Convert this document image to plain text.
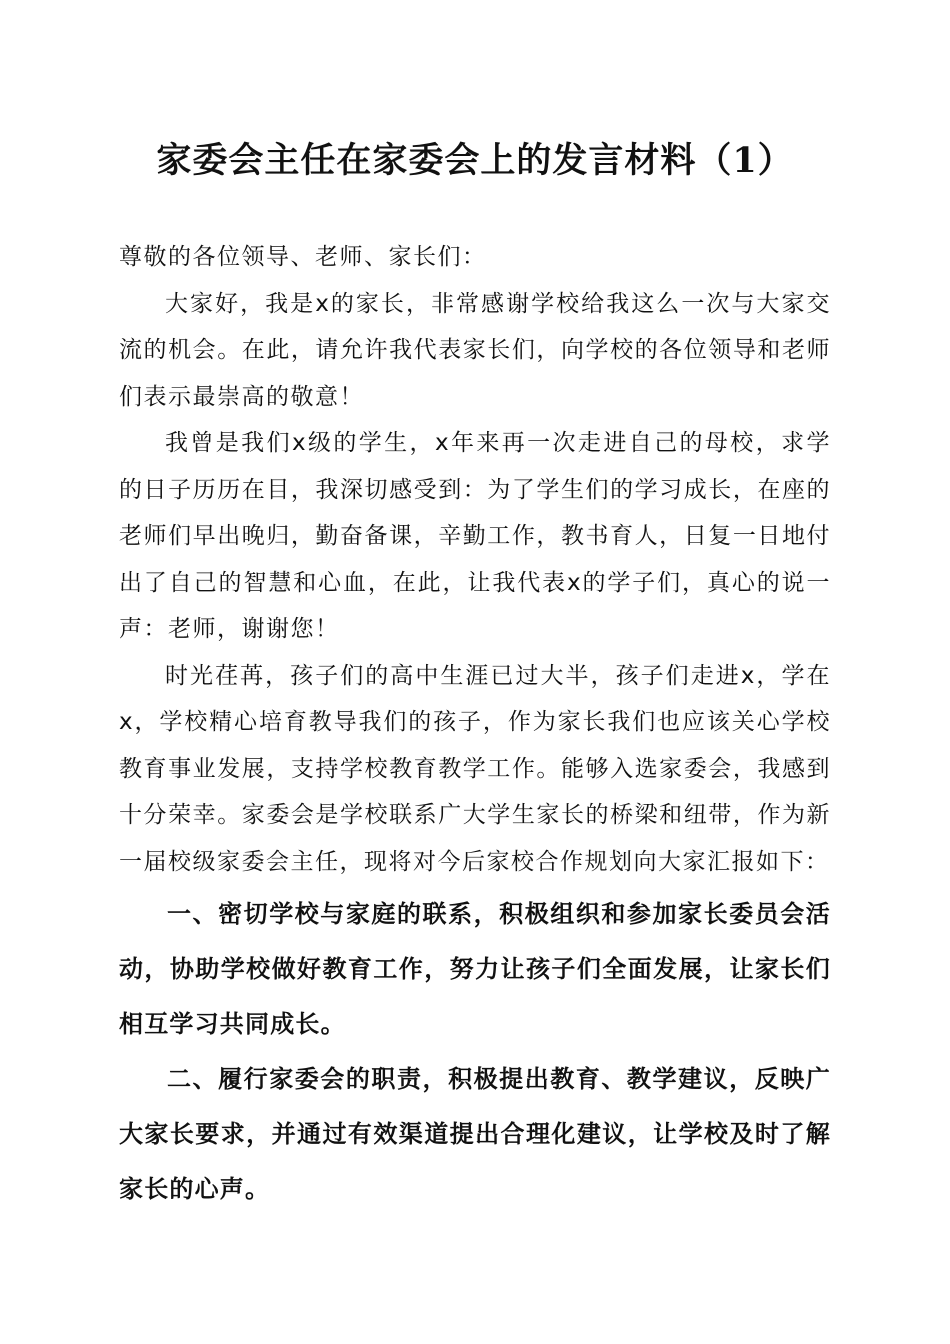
家委会主任在家委会上的发言材料（1）

尊敬的各位领导、老师、家长们：

大家好，我是x的家长，非常感谢学校给我这么一次与大家交流的机会。在此，请允许我代表家长们，向学校的各位领导和老师们表示最崇高的敬意！

我曾是我们x级的学生，x年来再一次走进自己的母校，求学的日子历历在目，我深切感受到：为了学生们的学习成长，在座的老师们早出晚归，勤奋备课，辛勤工作，教书育人，日复一日地付出了自己的智慧和心血，在此，让我代表x的学子们，真心的说一声：老师，谢谢您！

时光荏苒，孩子们的高中生涯已过大半，孩子们走进x，学在x，学校精心培育教导我们的孩子，作为家长我们也应该关心学校教育事业发展，支持学校教育教学工作。能够入选家委会，我感到十分荣幸。家委会是学校联系广大学生家长的桥梁和纽带，作为新一届校级家委会主任，现将对今后家校合作规划向大家汇报如下：

一、密切学校与家庭的联系，积极组织和参加家长委员会活动，协助学校做好教育工作，努力让孩子们全面发展，让家长们相互学习共同成长。

二、履行家委会的职责，积极提出教育、教学建议，反映广大家长要求，并通过有效渠道提出合理化建议，让学校及时了解家长的心声。
